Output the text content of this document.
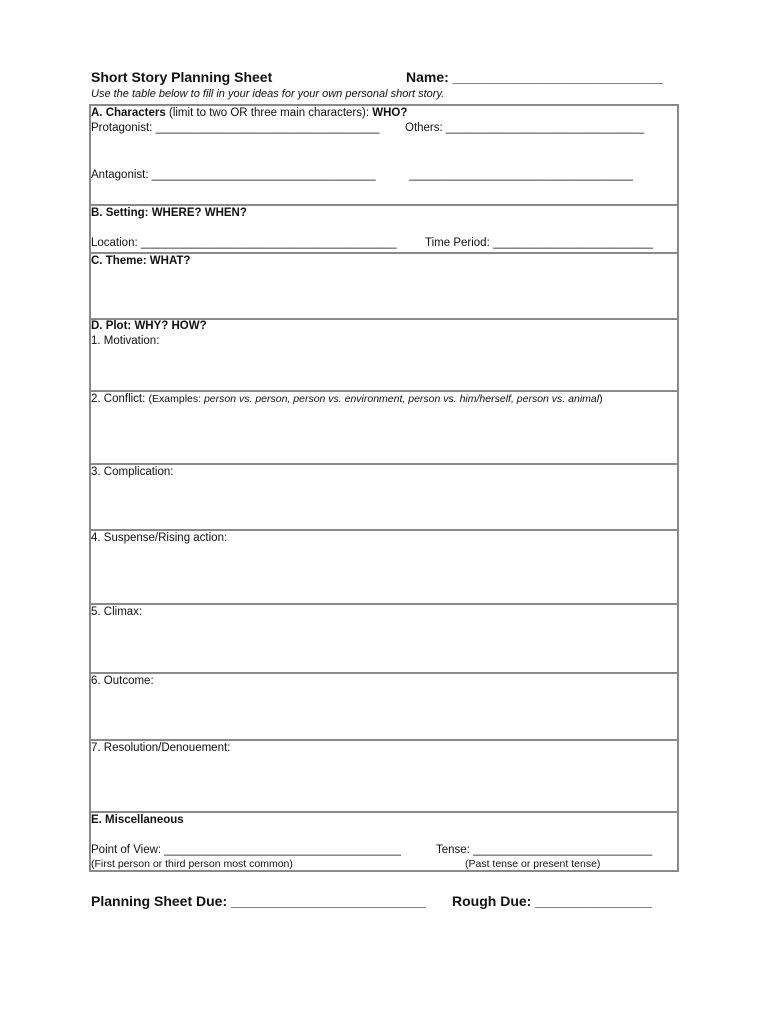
Short Story Planning Sheet	Name: ___________________________
Use the table below to fill in your ideas for your own personal short story.
A. Characters (limit to two OR three main characters): WHO?
Protagonist: ___________________________________ Others: _______________________________
Antagonist: ___________________________________	___________________________________
B. Setting: WHERE? WHEN?
Location: ________________________________________ Time Period: _________________________
C. Theme: WHAT?
D. Plot: WHY? HOW?
1. Motivation:
2. Conflict: (Examples: person vs. person, person vs. environment, person vs. him/herself, person vs. animal)
3. Complication:
4. Suspense/Rising action:
5. Climax:
6. Outcome:
7. Resolution/Denouement:
E. Miscellaneous
Point of View: _____________________________________	Tense: ____________________________
(First person or third person most common)	(Past tense or present tense)
Planning Sheet Due: _________________________ Rough Due: _______________
